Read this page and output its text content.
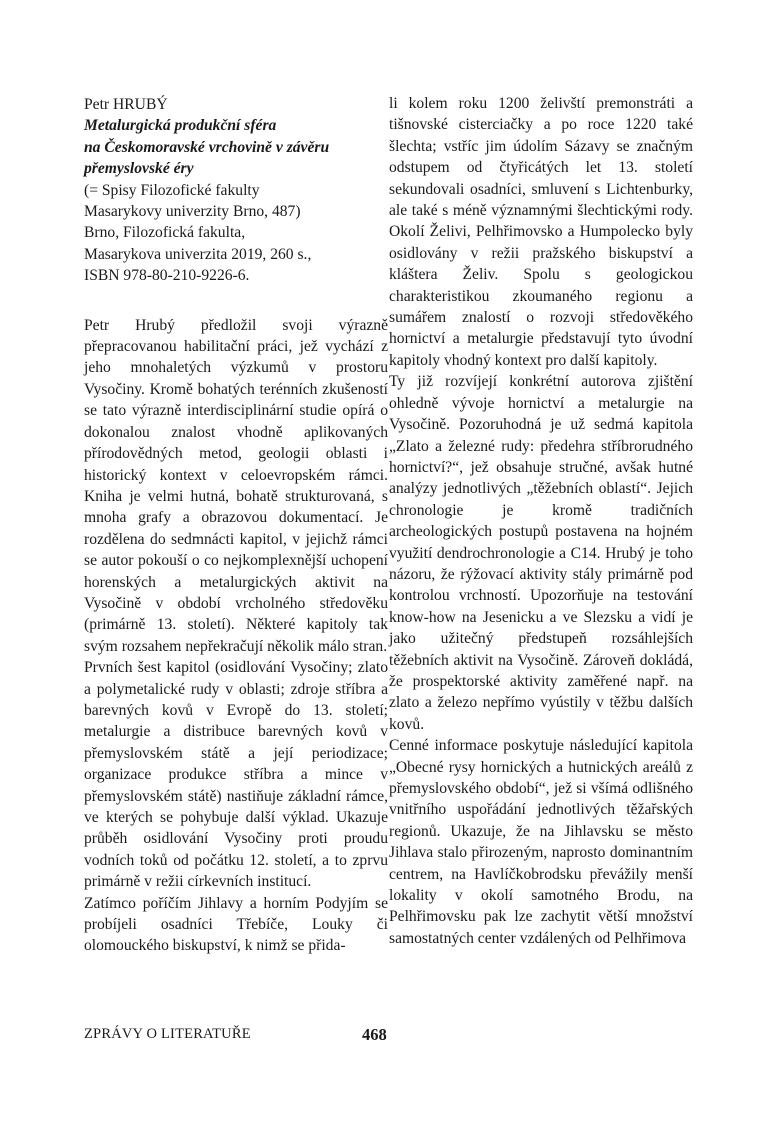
Petr HRUBÝ
Metalurgická produkční sféra
na Českomoravské vrchovině v závěru
přemyslovské éry
(= Spisy Filozofické fakulty
Masarykovy univerzity Brno, 487)
Brno, Filozofická fakulta,
Masarykova univerzita 2019, 260 s.,
ISBN 978-80-210-9226-6.

Petr Hrubý předložil svoji výrazně přepracovanou habilitační práci, jež vychází z jeho mnohaletých výzkumů v prostoru Vysočiny. Kromě bohatých terénních zkušeností se tato výrazně interdisciplinární studie opírá o dokonalou znalost vhodně aplikovaných přírodovědných metod, geologii oblasti i historický kontext v celoevropském rámci. Kniha je velmi hutná, bohatě strukturovaná, s mnoha grafy a obrazovou dokumentací. Je rozdělena do sedmnácti kapitol, v jejichž rámci se autor pokouší o co nejkomplexnější uchopení horenských a metalurgických aktivit na Vysočině v období vrcholného středověku (primárně 13. století). Některé kapitoly tak svým rozsahem nepřekračují několik málo stran.

Prvních šest kapitol (osidlování Vysočiny; zlato a polymetalické rudy v oblasti; zdroje stříbra a barevných kovů v Evropě do 13. století; metalurgie a distribuce barevných kovů v přemyslovském státě a její periodizace; organizace produkce stříbra a mince v přemyslovském státě) nastiňuje základní rámce, ve kterých se pohybuje další výklad. Ukazuje průběh osidlování Vysočiny proti proudu vodních toků od počátku 12. století, a to zprvu primárně v režii církevních institucí.

Zatímco poříčím Jihlavy a horním Podyjím se probíjeli osadníci Třebíče, Louky či olomouckého biskupství, k nimž se přida-

li kolem roku 1200 želivští premonstráti a tišnovské cisterciačky a po roce 1220 také šlechta; vstříc jim údolím Sázavy se značným odstupem od čtyřicátých let 13. století sekundovali osadníci, smluvení s Lichtenburky, ale také s méně významnými šlechtickými rody. Okolí Želivi, Pelhřimovsko a Humpolecko byly osidlovány v režii pražského biskupství a kláštera Želiv. Spolu s geologickou charakteristikou zkoumaného regionu a sumářem znalostí o rozvoji středověkého hornictví a metalurgie představují tyto úvodní kapitoly vhodný kontext pro další kapitoly.

Ty již rozvíjejí konkrétní autorova zjištění ohledně vývoje hornictví a metalurgie na Vysočině. Pozoruhodná je už sedmá kapitola „Zlato a železné rudy: předehra stříbrorudného hornictví?“, jež obsahuje stručné, avšak hutné analýzy jednotlivých „těžebních oblastí“. Jejich chronologie je kromě tradičních archeologických postupů postavena na hojném využití dendrochronologie a C14. Hrubý je toho názoru, že rýžovací aktivity stály primárně pod kontrolou vrchností. Upozorňuje na testování know-how na Jesenicku a ve Slezsku a vidí je jako užitečný předstupeň rozsáhlejších těžebních aktivit na Vysočině. Zároveň dokládá, že prospektorské aktivity zaměřené např. na zlato a železo nepřímo vyústily v těžbu dalších kovů.

Cenné informace poskytuje následující kapitola „Obecné rysy hornických a hutnických areálů z přemyslovského období“, jež si všímá odlišného vnitřního uspořádání jednotlivých těžařských regionů. Ukazuje, že na Jihlavsku se město Jihlava stalo přirozeným, naprosto dominantním centrem, na Havlíčkobrodsku převážily menší lokality v okolí samotného Brodu, na Pelhřimovsku pak lze zachytit větší množství samostatných center vzdálených od Pelhřimova

ZPRÁVY O LITERATUŘE	468
